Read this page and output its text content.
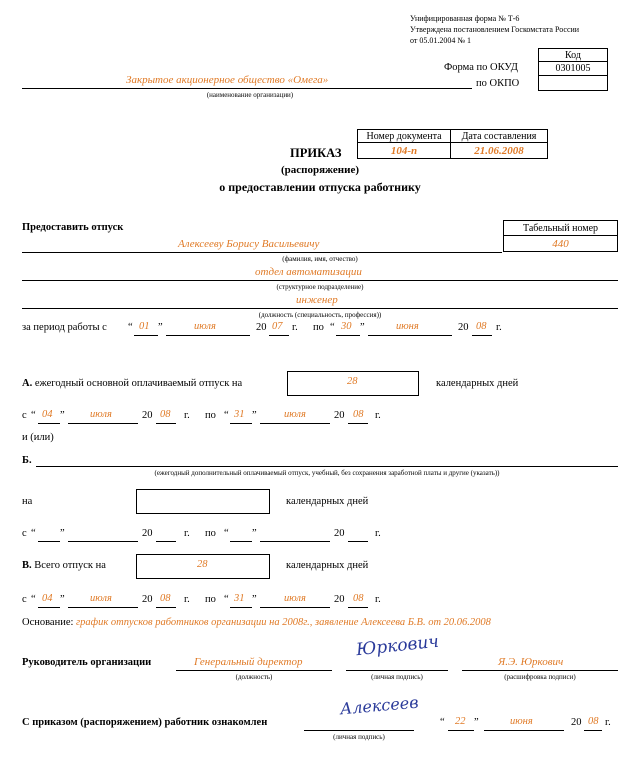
Унифицированная форма № Т-6
Утверждена постановлением Госкомстата России
от 05.01.2004 № 1
Код
0301005
Форма по ОКУД
по ОКПО
Закрытое акционерное общество «Омега»
(наименование организации)
Номер документа	Дата составления
104-п	21.06.2008
ПРИКАЗ
(распоряжение)
о предоставлении отпуска работнику
Предоставить отпуск	Табельный номер
440
Алексееву Борису Васильевичу
(фамилия, имя, отчество)
отдел автоматизации
(структурное подразделение)
инженер
(должность (специальность, профессия))
за период работы с “ 01 ”	июля	20 07 г. по “ 30 ”	июня	20 08 г.
А. ежегодный основной оплачиваемый отпуск на	28	календарных дней
с “ 04 ” июля	20 08 г. по “ 31 ”	июля	20 08 г.
и (или)
Б.
(ежегодный дополнительный оплачиваемый отпуск, учебный, без сохранения заработной платы и другие (указать))
на	календарных дней
с “ ”	20	г. по “ ”	20	г.
В. Всего отпуск на	28	календарных дней
с “ 04 ” июля	20 08 г. по “ 31 ”	июля	20 08 г.
Основание: график отпусков работников организации на 2008г., заявление Алексеева Б.В. от 20.06.2008
Руководитель организации	Генеральный директор
(должность)
Юркович
(личная подпись)
Я.Э. Юркович
(расшифровка подписи)
С приказом (распоряжением) работник ознакомлен
Алексеев
(личная подпись)
“ 22 ”	июня	20 08 г.
